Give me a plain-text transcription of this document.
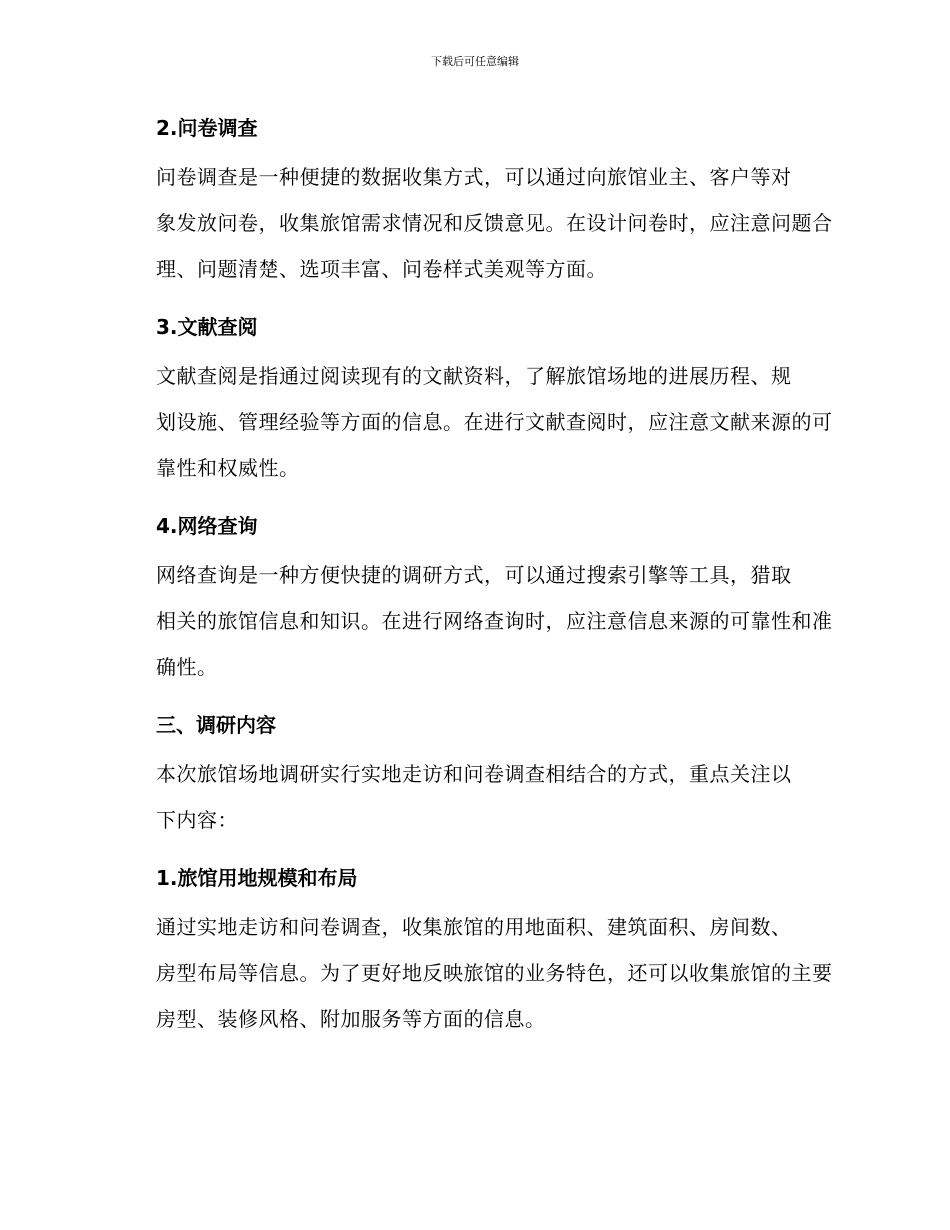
下载后可任意编辑
2.问卷调查

问卷调查是一种便捷的数据收集方式，可以通过向旅馆业主、客户等对
象发放问卷，收集旅馆需求情况和反馈意见。在设计问卷时，应注意问题合
理、问题清楚、选项丰富、问卷样式美观等方面。

3.文献查阅

文献查阅是指通过阅读现有的文献资料，了解旅馆场地的进展历程、规
划设施、管理经验等方面的信息。在进行文献查阅时，应注意文献来源的可
靠性和权威性。

4.网络查询

网络查询是一种方便快捷的调研方式，可以通过搜索引擎等工具，猎取
相关的旅馆信息和知识。在进行网络查询时，应注意信息来源的可靠性和准
确性。

三、调研内容

本次旅馆场地调研实行实地走访和问卷调查相结合的方式，重点关注以
下内容：

1.旅馆用地规模和布局

通过实地走访和问卷调查，收集旅馆的用地面积、建筑面积、房间数、
房型布局等信息。为了更好地反映旅馆的业务特色，还可以收集旅馆的主要
房型、装修风格、附加服务等方面的信息。
